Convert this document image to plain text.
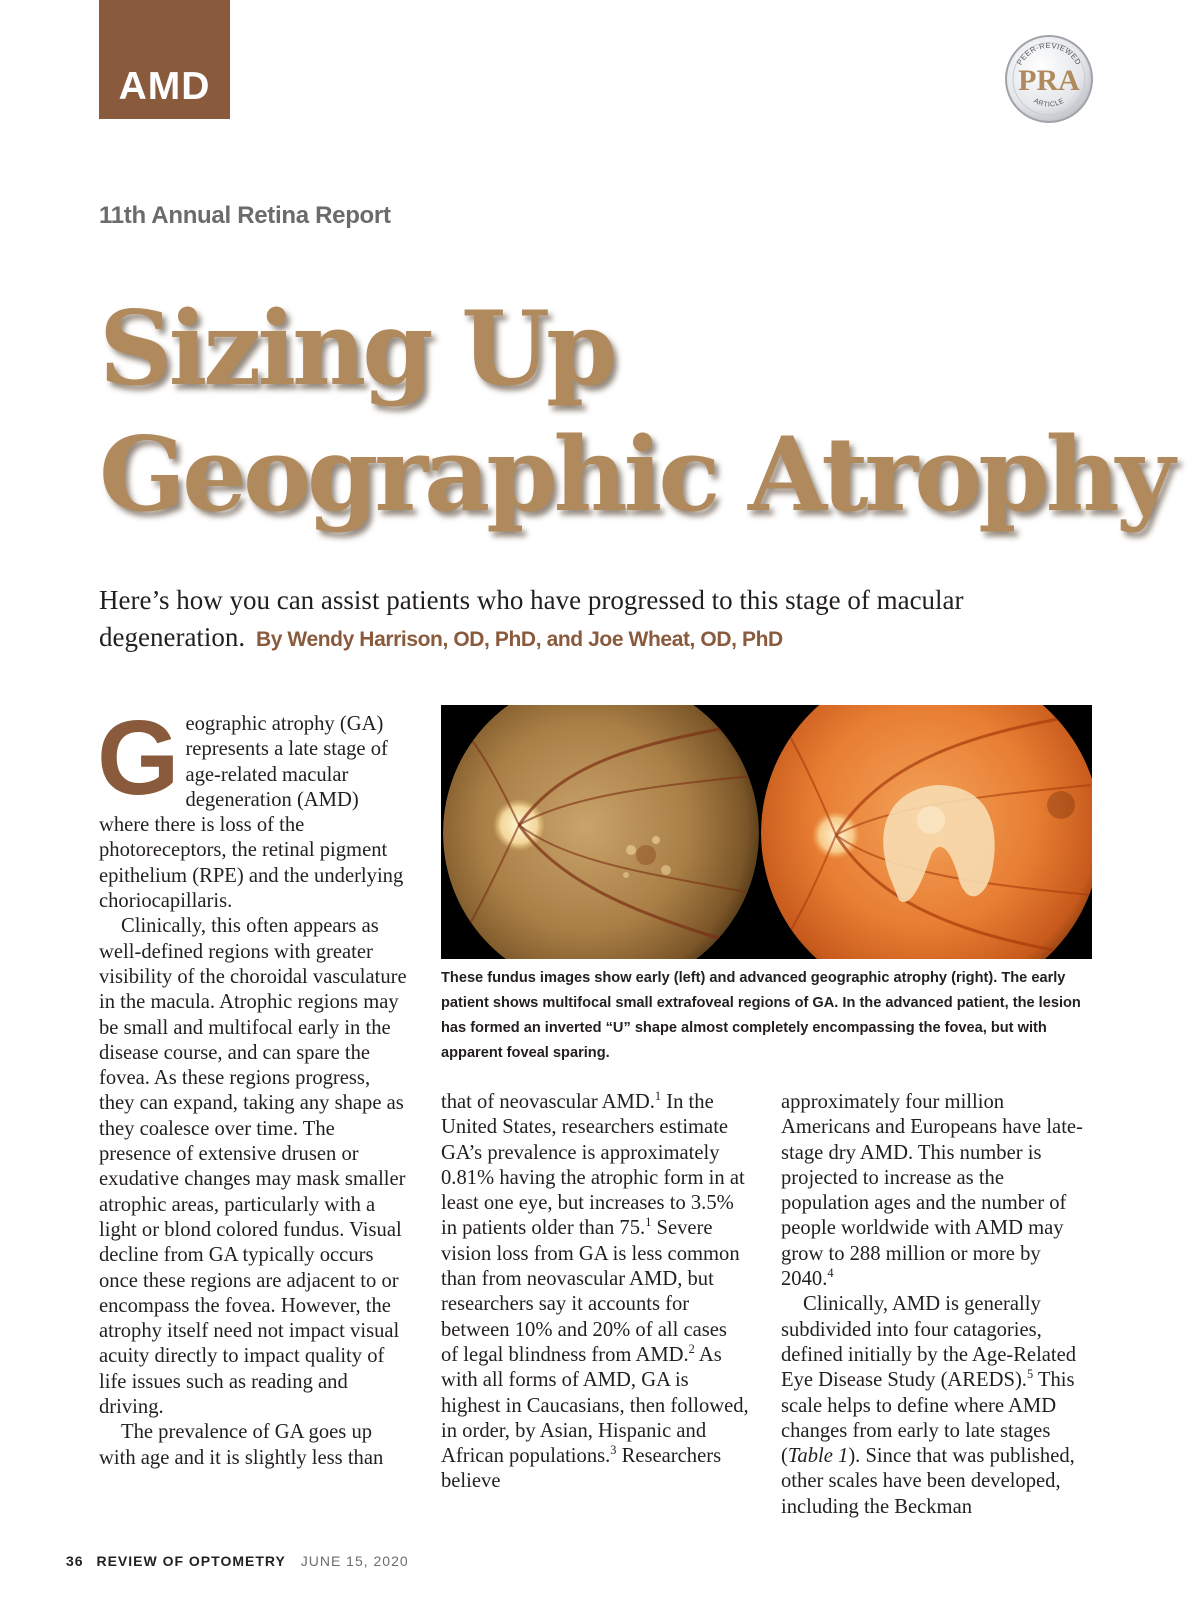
AMD
PEER-REVIEWED
ARTICLE
PRA
11th Annual Retina Report
Sizing Up
Geographic Atrophy
Here’s how you can assist patients who have progressed to this stage of macular degeneration. By Wendy Harrison, OD, PhD, and Joe Wheat, OD, PhD

Geographic atrophy (GA) represents a late stage of age-related macular degeneration (AMD) where there is loss of the photoreceptors, the retinal pigment epithelium (RPE) and the underlying choriocapillaris.

Clinically, this often appears as well-defined regions with greater visibility of the choroidal vasculature in the macula. Atrophic regions may be small and multifocal early in the disease course, and can spare the fovea. As these regions progress, they can expand, taking any shape as they coalesce over time. The presence of extensive drusen or exudative changes may mask smaller atrophic areas, particularly with a light or blond colored fundus. Visual decline from GA typically occurs once these regions are adjacent to or encompass the fovea. However, the atrophy itself need not impact visual acuity directly to impact quality of life issues such as reading and driving.

The prevalence of GA goes up with age and it is slightly less than

These fundus images show early (left) and advanced geographic atrophy (right). The early patient shows multifocal small extrafoveal regions of GA. In the advanced patient, the lesion has formed an inverted “U” shape almost completely encompassing the fovea, but with apparent foveal sparing.

that of neovascular AMD.$^1$ In the United States, researchers estimate GA’s prevalence is approximately 0.81% having the atrophic form in at least one eye, but increases to 3.5% in patients older than 75.$^1$ Severe vision loss from GA is less common than from neovascular AMD, but researchers say it accounts for between 10% and 20% of all cases of legal blindness from AMD.$^2$ As with all forms of AMD, GA is highest in Caucasians, then followed, in order, by Asian, Hispanic and African populations.$^3$ Researchers believe

approximately four million Americans and Europeans have late-stage dry AMD. This number is projected to increase as the population ages and the number of people worldwide with AMD may grow to 288 million or more by 2040.$^4$

Clinically, AMD is generally subdivided into four catagories, defined initially by the Age-Related Eye Disease Study (AREDS).$^5$ This scale helps to define where AMD changes from early to late stages (Table 1). Since that was published, other scales have been developed, including the Beckman

36 REVIEW OF OPTOMETRY JUNE 15, 2020
